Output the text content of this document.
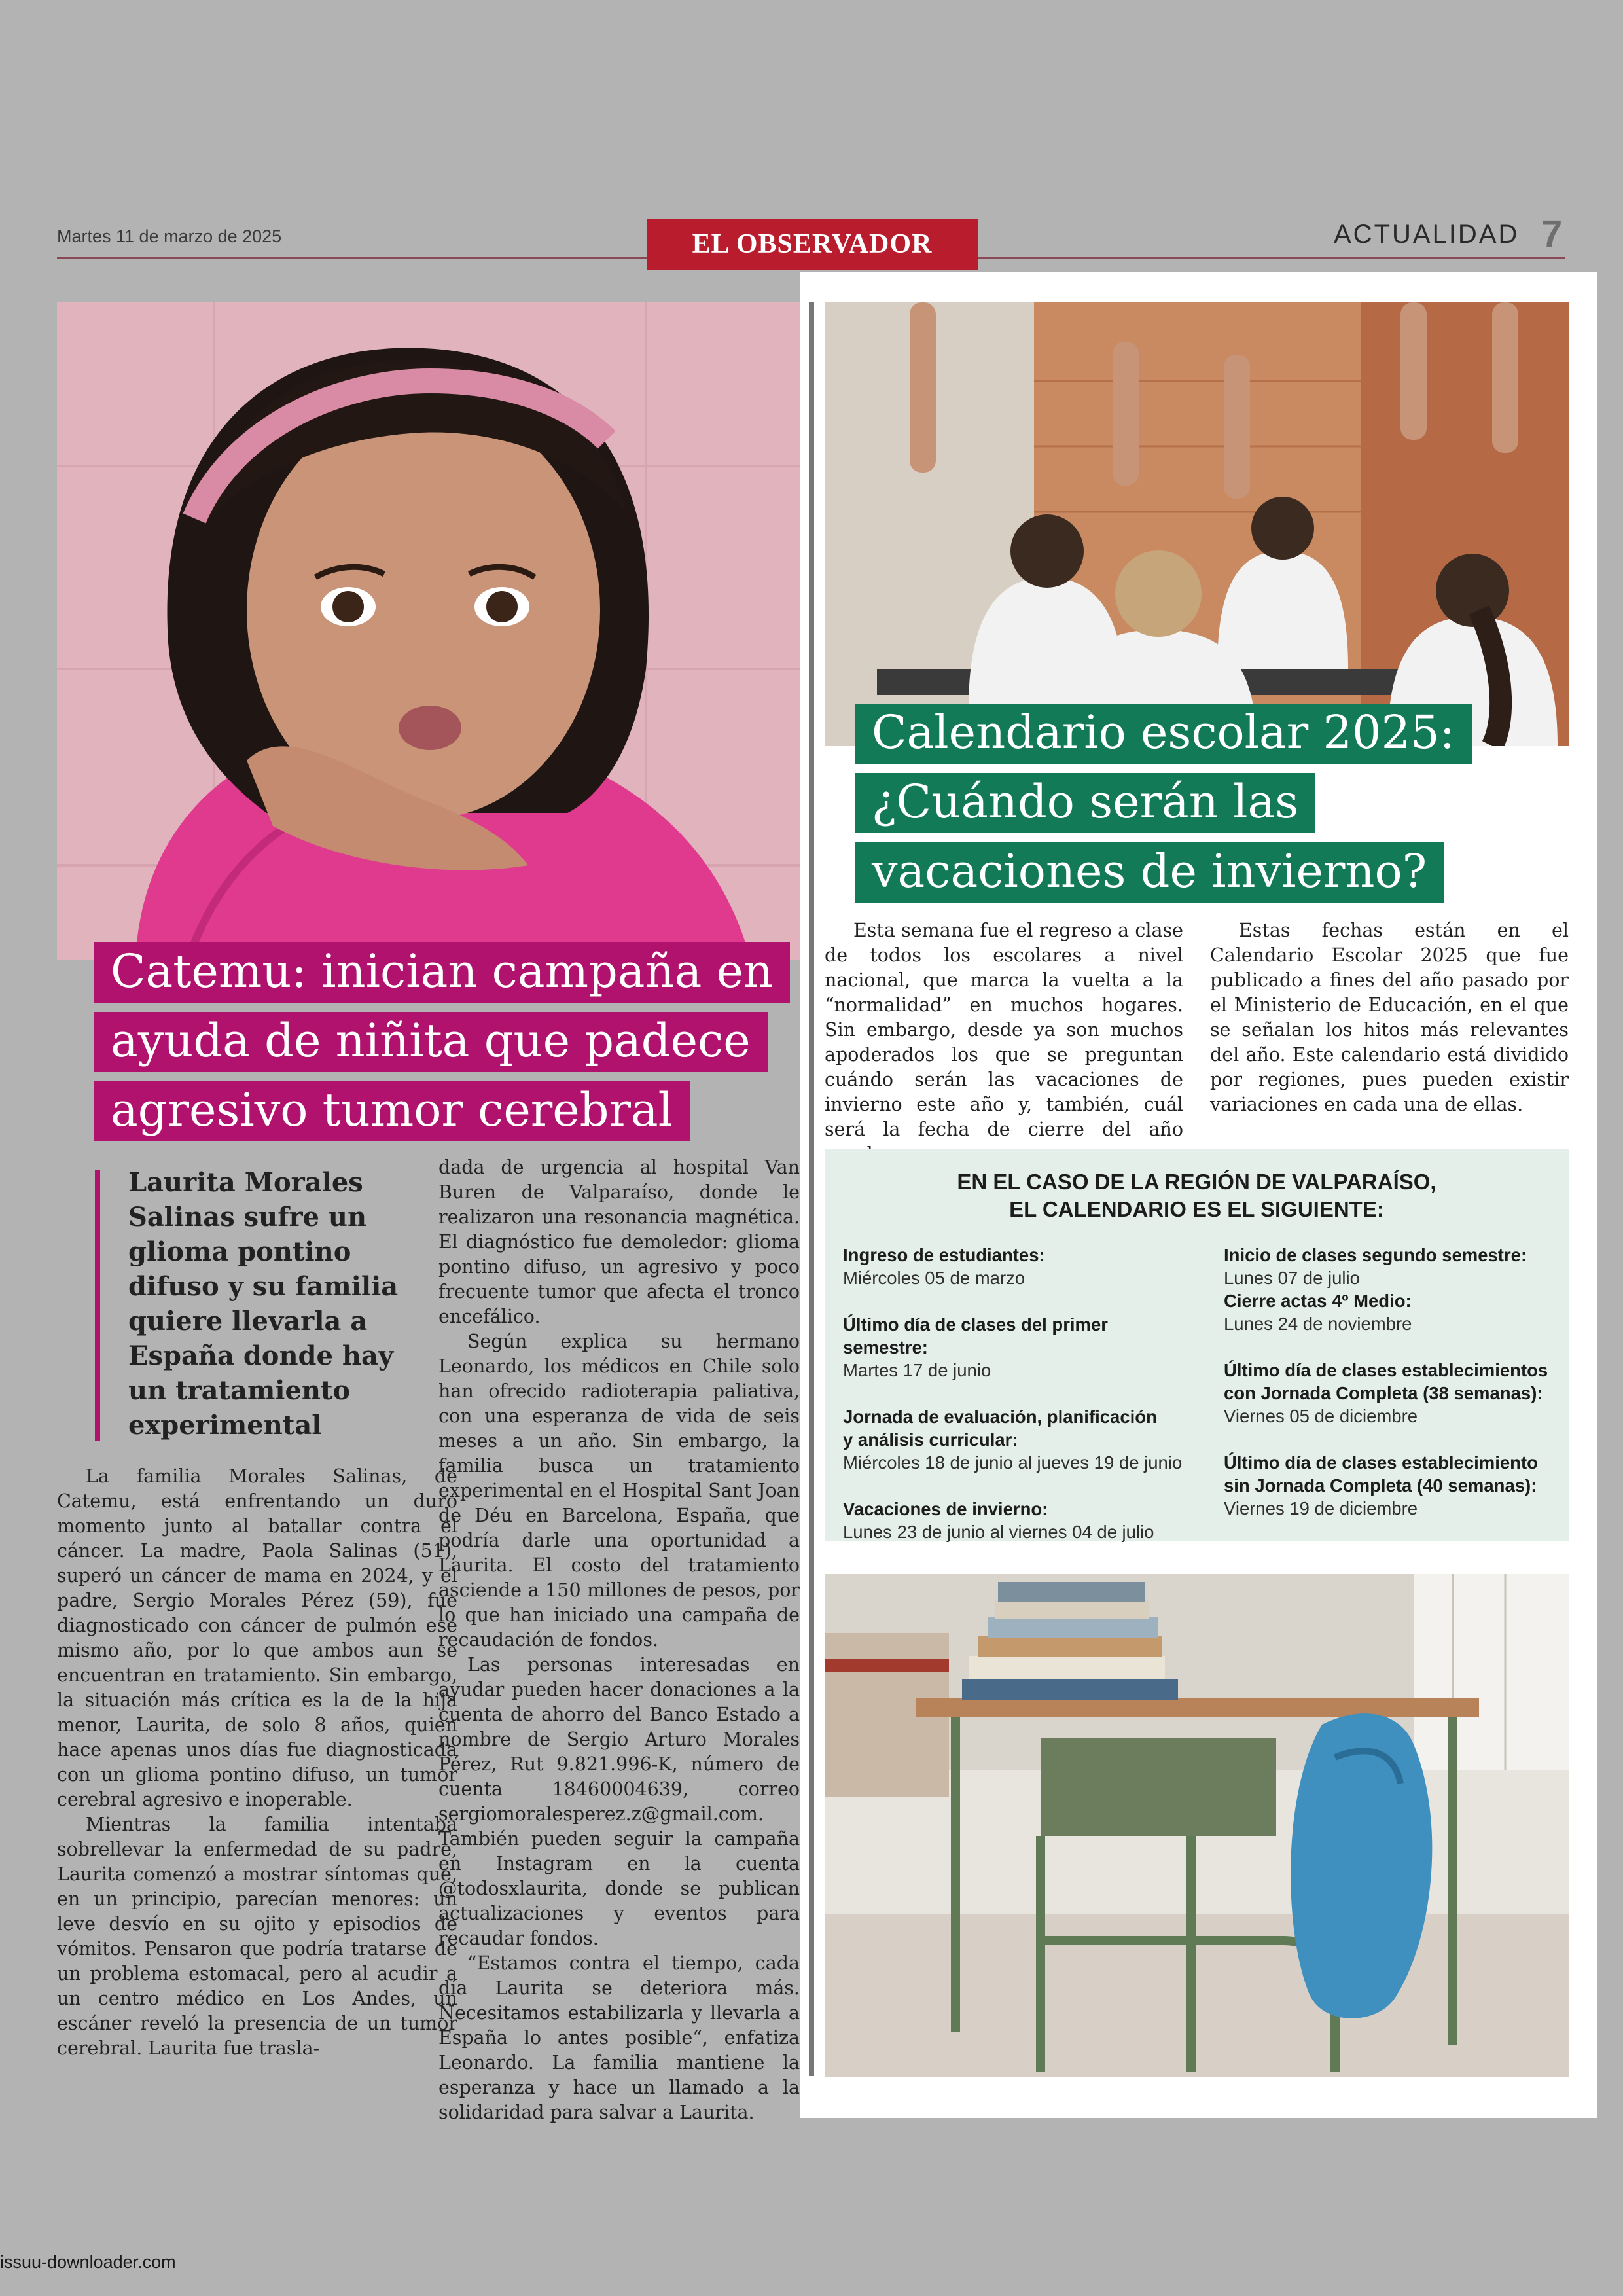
Martes 11 de marzo de 2025	EL OBSERVADOR	ACTUALIDAD 7
Catemu: inician campaña en
ayuda de niñita que padece
agresivo tumor cerebral
Laurita Morales Salinas sufre un glioma pontino difuso y su familia quiere llevarla a España donde hay un tratamiento experimental

La familia Morales Salinas, de Catemu, está enfrentando un duro momento junto al batallar contra el cáncer. La madre, Paola Salinas (51), superó un cáncer de mama en 2024, y el padre, Sergio Morales Pérez (59), fue diagnosticado con cáncer de pulmón ese mismo año, por lo que ambos aun se encuentran en tratamiento. Sin embargo, la situación más crítica es la de la hija menor, Laurita, de solo 8 años, quien hace apenas unos días fue diagnosticada con un glioma pontino difuso, un tumor cerebral agresivo e inoperable.

Mientras la familia intentaba sobrellevar la enfermedad de su padre, Laurita comenzó a mostrar síntomas que, en un principio, parecían menores: un leve desvío en su ojito y episodios de vómitos. Pensaron que podría tratarse de un problema estomacal, pero al acudir a un centro médico en Los Andes, un escáner reveló la presencia de un tumor cerebral. Laurita fue trasla-

dada de urgencia al hospital Van Buren de Valparaíso, donde le realizaron una resonancia magnética. El diagnóstico fue demoledor: glioma pontino difuso, un agresivo y poco frecuente tumor que afecta el tronco encefálico.

Según explica su hermano Leonardo, los médicos en Chile solo han ofrecido radioterapia paliativa, con una esperanza de vida de seis meses a un año. Sin embargo, la familia busca un tratamiento experimental en el Hospital Sant Joan de Déu en Barcelona, España, que podría darle una oportunidad a Laurita. El costo del tratamiento asciende a 150 millones de pesos, por lo que han iniciado una campaña de recaudación de fondos.

Las personas interesadas en ayudar pueden hacer donaciones a la cuenta de ahorro del Banco Estado a nombre de Sergio Arturo Morales Pérez, Rut 9.821.996-K, número de cuenta 18460004639, correo sergiomoralesperez.z@gmail.com. También pueden seguir la campaña en Instagram en la cuenta @todosxlaurita, donde se publican actualizaciones y eventos para recaudar fondos.

“Estamos contra el tiempo, cada día Laurita se deteriora más. Necesitamos estabilizarla y llevarla a España lo antes posible“, enfatiza Leonardo. La familia mantiene la esperanza y hace un llamado a la solidaridad para salvar a Laurita.

Calendario escolar 2025:
¿Cuándo serán las
vacaciones de invierno?

Esta semana fue el regreso a clase de todos los escolares a nivel nacional, que marca la vuelta a la “normalidad” en muchos hogares. Sin embargo, desde ya son muchos apoderados los que se preguntan cuándo serán las vacaciones de invierno este año y, también, cuál será la fecha de cierre del año

Estas fechas están en el Calendario Escolar 2025 que fue publicado a fines del año pasado por el Ministerio de Educación, en el que se señalan los hitos más relevantes del año. Este calendario está dividido por regiones, pues pueden existir variaciones en cada una de ellas.

EN EL CASO DE LA REGIÓN DE VALPARAÍSO,
EL CALENDARIO ES EL SIGUIENTE:
Ingreso de estudiantes:
Miércoles 05 de marzo
Último día de clases del primer semestre:
Martes 17 de junio
Jornada de evaluación, planificación y análisis curricular:
Miércoles 18 de junio al jueves 19 de junio
Vacaciones de invierno:
Lunes 23 de junio al viernes 04 de julio
Inicio de clases segundo semestre:
Lunes 07 de julio
Cierre actas 4º Medio:
Lunes 24 de noviembre
Último día de clases establecimientos con Jornada Completa (38 semanas):
Viernes 05 de diciembre
Último día de clases establecimiento sin Jornada Completa (40 semanas):
Viernes 19 de diciembre
issuu-downloader.com
